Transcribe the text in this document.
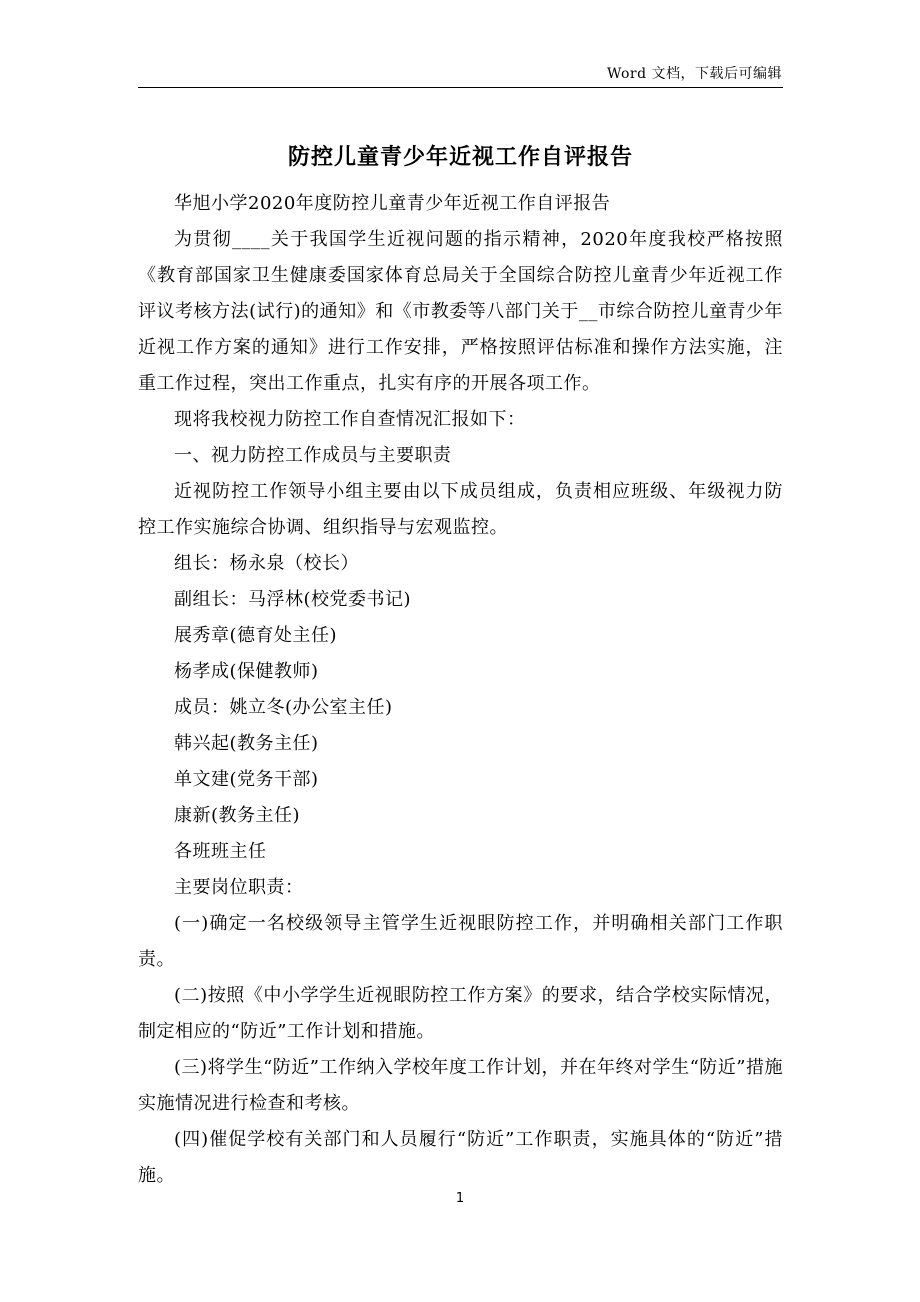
Word 文档，下载后可编辑
防控儿童青少年近视工作自评报告

华旭小学2020年度防控儿童青少年近视工作自评报告

为贯彻____关于我国学生近视问题的指示精神，2020年度我校严格按照《教育部国家卫生健康委国家体育总局关于全国综合防控儿童青少年近视工作评议考核方法(试行)的通知》和《市教委等八部门关于__市综合防控儿童青少年近视工作方案的通知》进行工作安排，严格按照评估标准和操作方法实施，注重工作过程，突出工作重点，扎实有序的开展各项工作。

现将我校视力防控工作自查情况汇报如下：

一、视力防控工作成员与主要职责

近视防控工作领导小组主要由以下成员组成，负责相应班级、年级视力防控工作实施综合协调、组织指导与宏观监控。

组长：杨永泉（校长）

副组长：马浮林(校党委书记)

展秀章(德育处主任)

杨孝成(保健教师)

成员：姚立冬(办公室主任)

韩兴起(教务主任)

单文建(党务干部)

康新(教务主任)

各班班主任

主要岗位职责：

(一)确定一名校级领导主管学生近视眼防控工作，并明确相关部门工作职责。

(二)按照《中小学学生近视眼防控工作方案》的要求，结合学校实际情况，制定相应的“防近”工作计划和措施。

(三)将学生“防近”工作纳入学校年度工作计划，并在年终对学生“防近”措施实施情况进行检查和考核。

(四)催促学校有关部门和人员履行“防近”工作职责，实施具体的“防近”措施。

1
